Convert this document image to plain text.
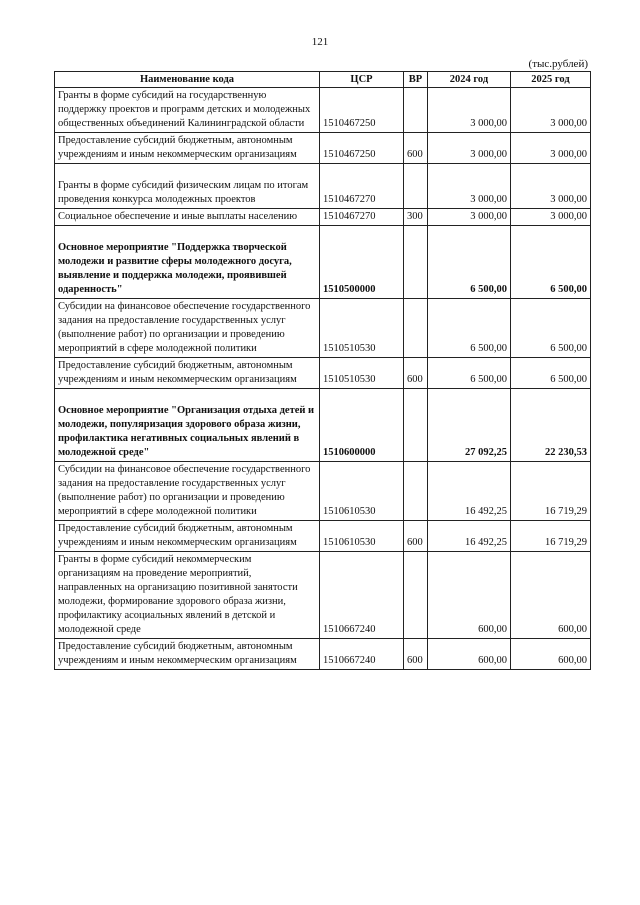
121
(тыс.рублей)
Наименование кода	ЦСР	ВР	2024 год	2025 год
Гранты в форме субсидий на государственную поддержку проектов и программ детских и молодежных общественных объединений Калининградской области	1510467250		3 000,00	3 000,00
Предоставление субсидий бюджетным, автономным учреждениям и иным некоммерческим организациям	1510467250	600	3 000,00	3 000,00

Гранты в форме субсидий физическим лицам по итогам проведения конкурса молодежных проектов	1510467270		3 000,00	3 000,00
Социальное обеспечение и иные выплаты населению	1510467270	300	3 000,00	3 000,00

Основное мероприятие "Поддержка творческой молодежи и развитие сферы молодежного досуга, выявление и поддержка молодежи, проявившей одаренность"	1510500000		6 500,00	6 500,00
Субсидии на финансовое обеспечение государственного задания на предоставление государственных услуг (выполнение работ) по организации и проведению мероприятий в сфере молодежной политики	1510510530		6 500,00	6 500,00
Предоставление субсидий бюджетным, автономным учреждениям и иным некоммерческим организациям	1510510530	600	6 500,00	6 500,00

Основное мероприятие "Организация отдыха детей и молодежи, популяризация здорового образа жизни, профилактика негативных социальных явлений в молодежной среде"	1510600000		27 092,25	22 230,53
Субсидии на финансовое обеспечение государственного задания на предоставление государственных услуг (выполнение работ) по организации и проведению мероприятий в сфере молодежной политики	1510610530		16 492,25	16 719,29
Предоставление субсидий бюджетным, автономным учреждениям и иным некоммерческим организациям	1510610530	600	16 492,25	16 719,29
Гранты в форме субсидий некоммерческим организациям на проведение мероприятий, направленных на организацию позитивной занятости молодежи, формирование здорового образа жизни, профилактику асоциальных явлений в детской и молодежной среде	1510667240		600,00	600,00
Предоставление субсидий бюджетным, автономным учреждениям и иным некоммерческим организациям	1510667240	600	600,00	600,00
